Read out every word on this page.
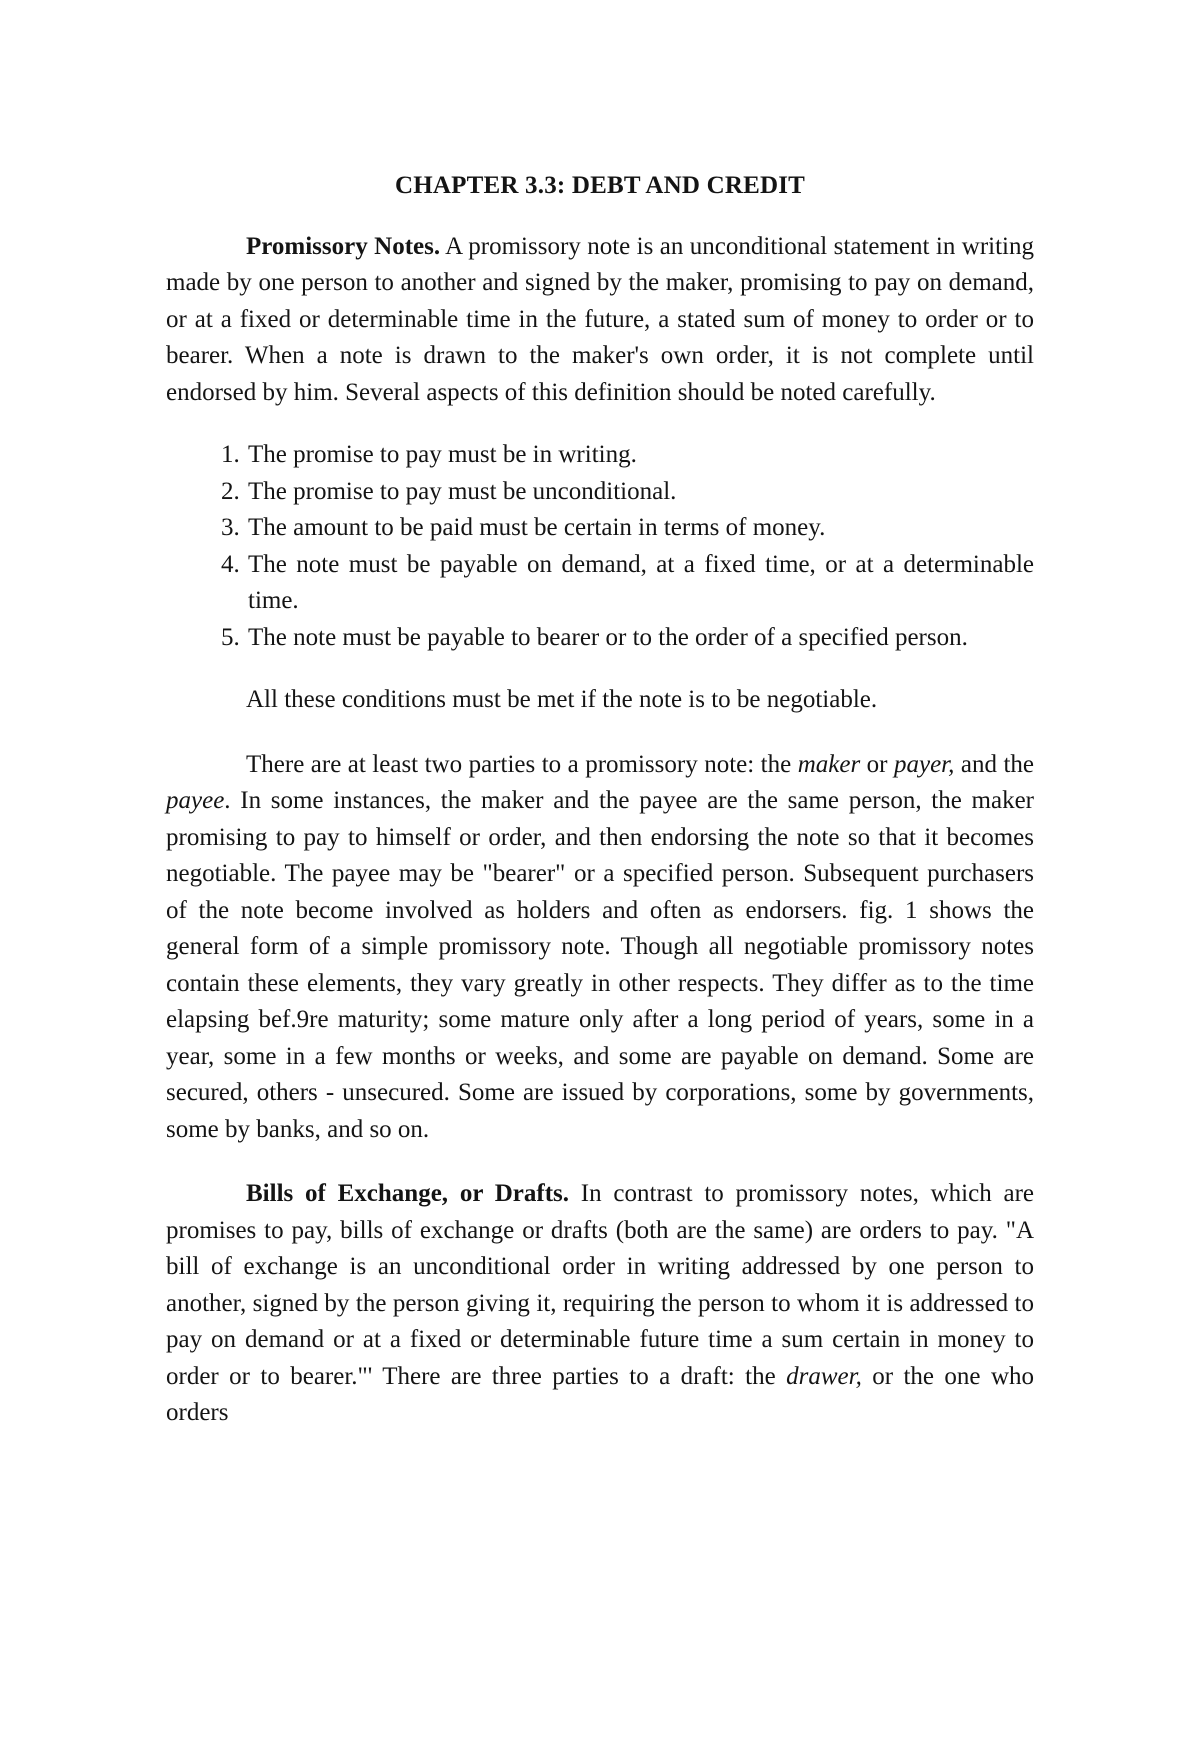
CHAPTER 3.3: DEBT AND CREDIT

Promissory Notes. A promissory note is an unconditional statement in writing made by one person to another and signed by the maker, promising to pay on demand, or at a fixed or determinable time in the future, a stated sum of money to order or to bearer. When a note is drawn to the maker's own order, it is not complete until endorsed by him. Several aspects of this definition should be noted carefully.

1. The promise to pay must be in writing.
2. The promise to pay must be unconditional.
3. The amount to be paid must be certain in terms of money.
4. The note must be payable on demand, at a fixed time, or at a determinable time.
5. The note must be payable to bearer or to the order of a specified person.

All these conditions must be met if the note is to be negotiable.

There are at least two parties to a promissory note: the maker or payer, and the payee. In some instances, the maker and the payee are the same person, the maker promising to pay to himself or order, and then endorsing the note so that it becomes negotiable. The payee may be "bearer" or a specified person. Subsequent purchasers of the note become involved as holders and often as endorsers. fig. 1 shows the general form of a simple promissory note. Though all negotiable promissory notes contain these elements, they vary greatly in other respects. They differ as to the time elapsing bef.9re maturity; some mature only after a long period of years, some in a year, some in a few months or weeks, and some are payable on demand. Some are secured, others - unsecured. Some are issued by corporations, some by governments, some by banks, and so on.

Bills of Exchange, or Drafts. In contrast to promissory notes, which are promises to pay, bills of exchange or drafts (both are the same) are orders to pay. "A bill of exchange is an unconditional order in writing addressed by one person to another, signed by the person giving it, requiring the person to whom it is addressed to pay on demand or at a fixed or determinable future time a sum certain in money to order or to bearer."' There are three parties to a draft: the drawer, or the one who orders
